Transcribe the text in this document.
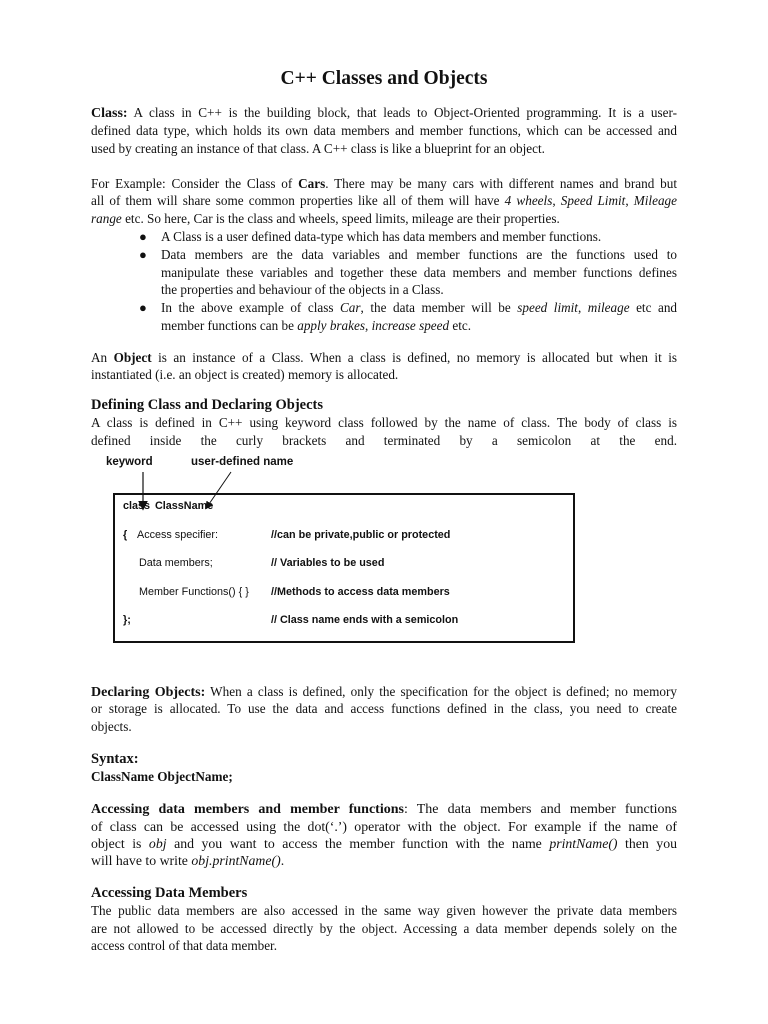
C++ Classes and Objects

Class: A class in C++ is the building block, that leads to Object-Oriented programming. It is a user-

defined data type, which holds its own data members and member functions, which can be accessed and

used by creating an instance of that class. A C++ class is like a blueprint for an object.

For Example: Consider the Class of Cars. There may be many cars with different names and brand but

all of them will share some common properties like all of them will have 4 wheels, Speed Limit, Mileage

range etc. So here, Car is the class and wheels, speed limits, mileage are their properties.

● A Class is a user defined data-type which has data members and member functions.

● Data members are the data variables and member functions are the functions used to

manipulate these variables and together these data members and member functions defines

the properties and behaviour of the objects in a Class.

● In the above example of class Car, the data member will be speed limit, mileage etc and

member functions can be apply brakes, increase speed etc.

An Object is an instance of a Class. When a class is defined, no memory is allocated but when it is

instantiated (i.e. an object is created) memory is allocated.

Defining Class and Declaring Objects

A class is defined in C++ using keyword class followed by the name of class. The body of class is

defined inside the curly brackets and terminated by a semicolon at the end.

keyword	user-defined name
class ClassName
{ Access specifier:	//can be private,public or protected
Data members;	// Variables to be used
Member Functions() { } //Methods to access data members
};	// Class name ends with a semicolon

Declaring Objects: When a class is defined, only the specification for the object is defined; no memory

or storage is allocated. To use the data and access functions defined in the class, you need to create

objects.

Syntax:

ClassName ObjectName;

Accessing data members and member functions: The data members and member functions

of class can be accessed using the dot(‘.’) operator with the object. For example if the name of

object is obj and you want to access the member function with the name printName() then you

will have to write obj.printName().

Accessing Data Members

The public data members are also accessed in the same way given however the private data members

are not allowed to be accessed directly by the object. Accessing a data member depends solely on the

access control of that data member.
